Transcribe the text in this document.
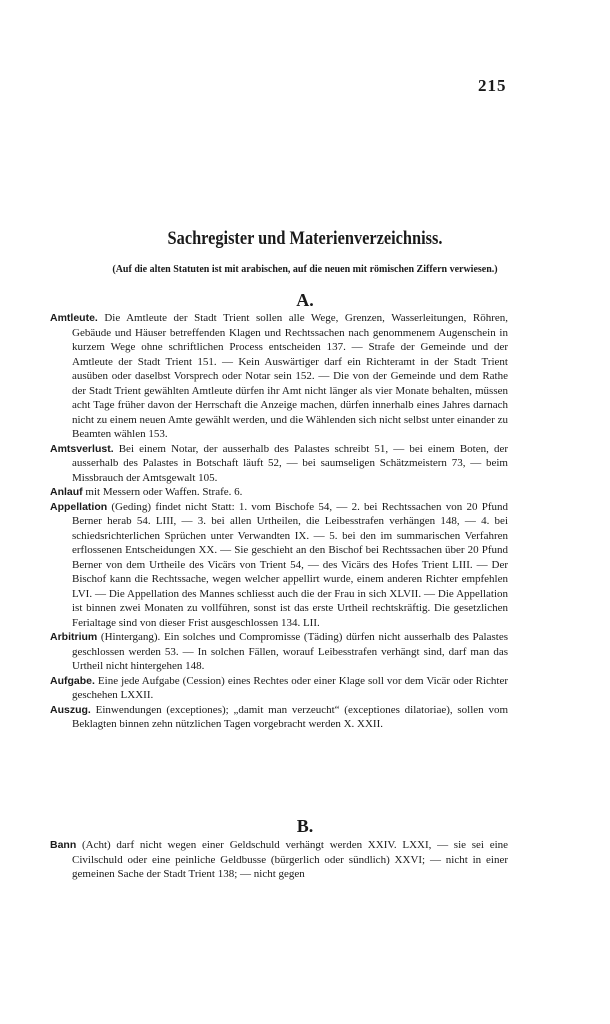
215
Sachregister und Materienverzeichniss.
(Auf die alten Statuten ist mit arabischen, auf die neuen mit römischen Ziffern verwiesen.)
A.

Amtleute. Die Amtleute der Stadt Trient sollen alle Wege, Grenzen, Wasserleitungen, Röhren, Gebäude und Häuser betreffenden Klagen und Rechtssachen nach genommenem Augenschein in kurzem Wege ohne schriftlichen Process entscheiden 137. — Strafe der Gemeinde und der Amtleute der Stadt Trient 151. — Kein Auswärtiger darf ein Richteramt in der Stadt Trient ausüben oder daselbst Vorsprech oder Notar sein 152. — Die von der Gemeinde und dem Rathe der Stadt Trient gewählten Amtleute dürfen ihr Amt nicht länger als vier Monate behalten, müssen acht Tage früher davon der Herrschaft die Anzeige machen, dürfen innerhalb eines Jahres darnach nicht zu einem neuen Amte gewählt werden, und die Wählenden sich nicht selbst unter einander zu Beamten wählen 153.

Amtsverlust. Bei einem Notar, der ausserhalb des Palastes schreibt 51, — bei einem Boten, der ausserhalb des Palastes in Botschaft läuft 52, — bei saumseligen Schätzmeistern 73, — beim Missbrauch der Amtsgewalt 105.

Anlauf mit Messern oder Waffen. Strafe. 6.

Appellation (Geding) findet nicht Statt: 1. vom Bischofe 54, — 2. bei Rechtssachen von 20 Pfund Berner herab 54. LIII, — 3. bei allen Urtheilen, die Leibesstrafen verhängen 148, — 4. bei schiedsrichterlichen Sprüchen unter Verwandten IX. — 5. bei den im summarischen Verfahren erflossenen Entscheidungen XX. — Sie geschieht an den Bischof bei Rechtssachen über 20 Pfund Berner von dem Urtheile des Vicärs von Trient 54, — des Vicärs des Hofes Trient LIII. — Der Bischof kann die Rechtssache, wegen welcher appellirt wurde, einem anderen Richter empfehlen LVI. — Die Appellation des Mannes schliesst auch die der Frau in sich XLVII. — Die Appellation ist binnen zwei Monaten zu vollführen, sonst ist das erste Urtheil rechtskräftig. Die gesetzlichen Ferialtage sind von dieser Frist ausgeschlossen 134. LII.

Arbitrium (Hintergang). Ein solches und Compromisse (Täding) dürfen nicht ausserhalb des Palastes geschlossen werden 53. — In solchen Fällen, worauf Leibesstrafen verhängt sind, darf man das Urtheil nicht hintergehen 148.

Aufgabe. Eine jede Aufgabe (Cession) eines Rechtes oder einer Klage soll vor dem Vicär oder Richter geschehen LXXII.

Auszug. Einwendungen (exceptiones); „damit man verzeucht“ (exceptiones dilatoriae), sollen vom Beklagten binnen zehn nützlichen Tagen vorgebracht werden X. XXII.

B.

Bann (Acht) darf nicht wegen einer Geldschuld verhängt werden XXIV. LXXI, — sie sei eine Civilschuld oder eine peinliche Geldbusse (bürgerlich oder sündlich) XXVI; — nicht in einer gemeinen Sache der Stadt Trient 138; — nicht gegen
